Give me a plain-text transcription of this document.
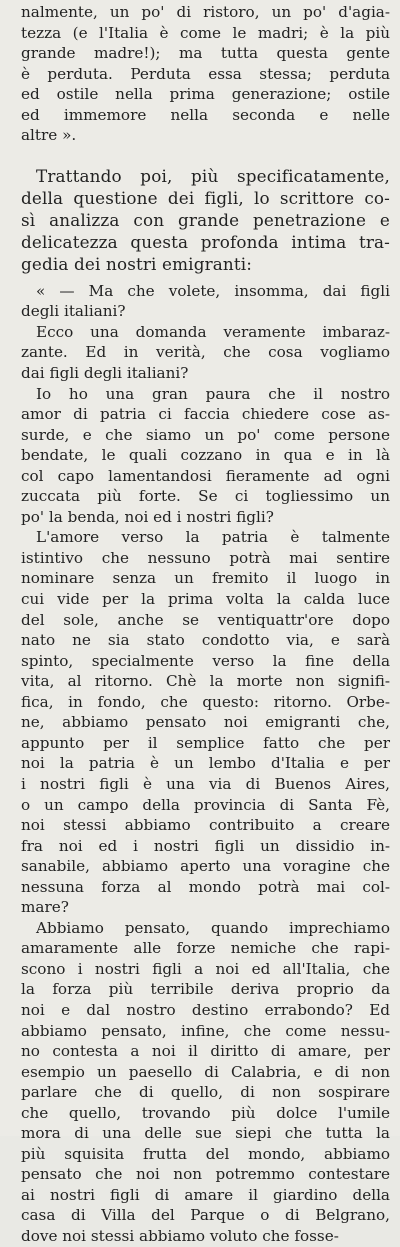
nalmente, un po' di ristoro, un po' d'agia-
tezza (e l'Italia è come le madri; è la più
grande madre!); ma tutta questa gente
è perduta. Perduta essa stessa; perduta
ed ostile nella prima generazione; ostile
ed immemore nella seconda e nelle
altre ».
Trattando poi, più specificatamente,
della questione dei figli, lo scrittore co-
sì analizza con grande penetrazione e
delicatezza questa profonda intima tra-
gedia dei nostri emigranti:
« — Ma che volete, insomma, dai figli
degli italiani?
Ecco una domanda veramente imbaraz-
zante. Ed in verità, che cosa vogliamo
dai figli degli italiani?
Io ho una gran paura che il nostro
amor di patria ci faccia chiedere cose as-
surde, e che siamo un po' come persone
bendate, le quali cozzano in qua e in là
col capo lamentandosi fieramente ad ogni
zuccata più forte. Se ci togliessimo un
po' la benda, noi ed i nostri figli?
L'amore verso la patria è talmente
istintivo che nessuno potrà mai sentire
nominare senza un fremito il luogo in
cui vide per la prima volta la calda luce
del sole, anche se ventiquattr'ore dopo
nato ne sia stato condotto via, e sarà
spinto, specialmente verso la fine della
vita, al ritorno. Chè la morte non signifi-
fica, in fondo, che questo: ritorno. Orbe-
ne, abbiamo pensato noi emigranti che,
appunto per il semplice fatto che per
noi la patria è un lembo d'Italia e per
i nostri figli è una via di Buenos Aires,
o un campo della provincia di Santa Fè,
noi stessi abbiamo contribuito a creare
fra noi ed i nostri figli un dissidio in-
sanabile, abbiamo aperto una voragine che
nessuna forza al mondo potrà mai col-
mare?
Abbiamo pensato, quando imprechiamo
amaramente alle forze nemiche che rapi-
scono i nostri figli a noi ed all'Italia, che
la forza più terribile deriva proprio da
noi e dal nostro destino errabondo? Ed
abbiamo pensato, infine, che come nessu-
no contesta a noi il diritto di amare, per
esempio un paesello di Calabria, e di non
parlare che di quello, di non sospirare
che quello, trovando più dolce l'umile
mora di una delle sue siepi che tutta la
più squisita frutta del mondo, abbiamo
pensato che noi non potremmo contestare
ai nostri figli di amare il giardino della
casa di Villa del Parque o di Belgrano,
dove noi stessi abbiamo voluto che fosse-
